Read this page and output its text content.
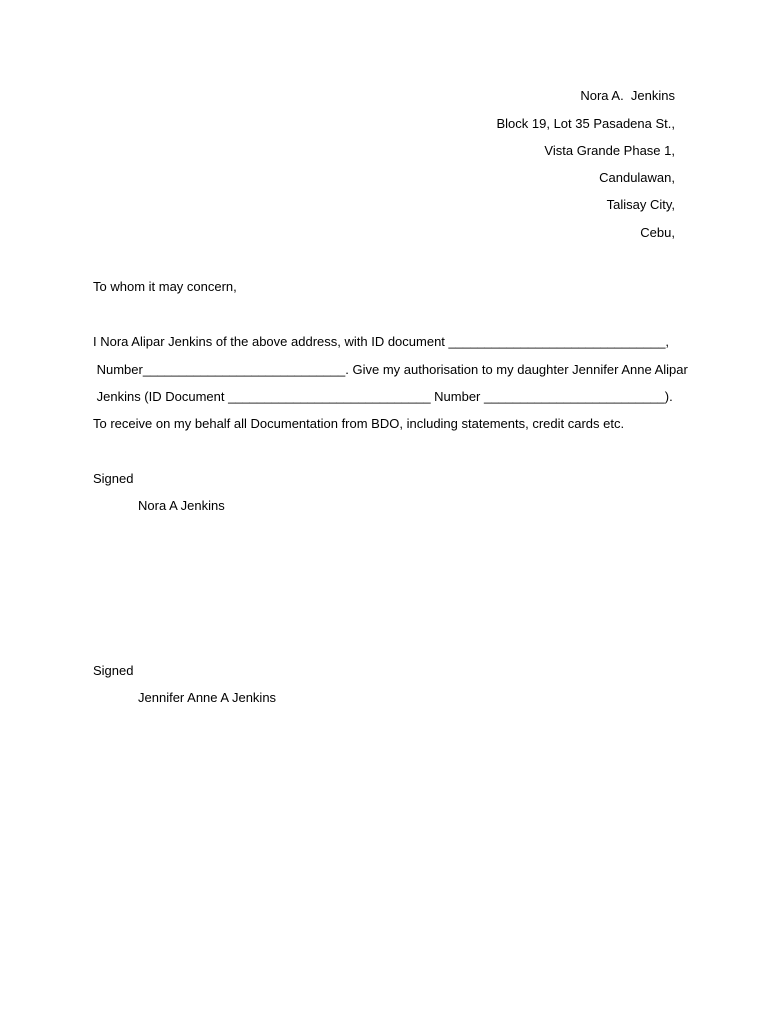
Nora A.  Jenkins
Block 19, Lot 35 Pasadena St.,
Vista Grande Phase 1,
Candulawan,
Talisay City,
Cebu,
To whom it may concern,
I Nora Alipar Jenkins of the above address, with ID document ______________________________,
Number____________________________. Give my authorisation to my daughter Jennifer Anne Alipar
Jenkins (ID Document ____________________________ Number _________________________).
To receive on my behalf all Documentation from BDO, including statements, credit cards etc.
Signed
Nora A Jenkins
Signed
Jennifer Anne A Jenkins
